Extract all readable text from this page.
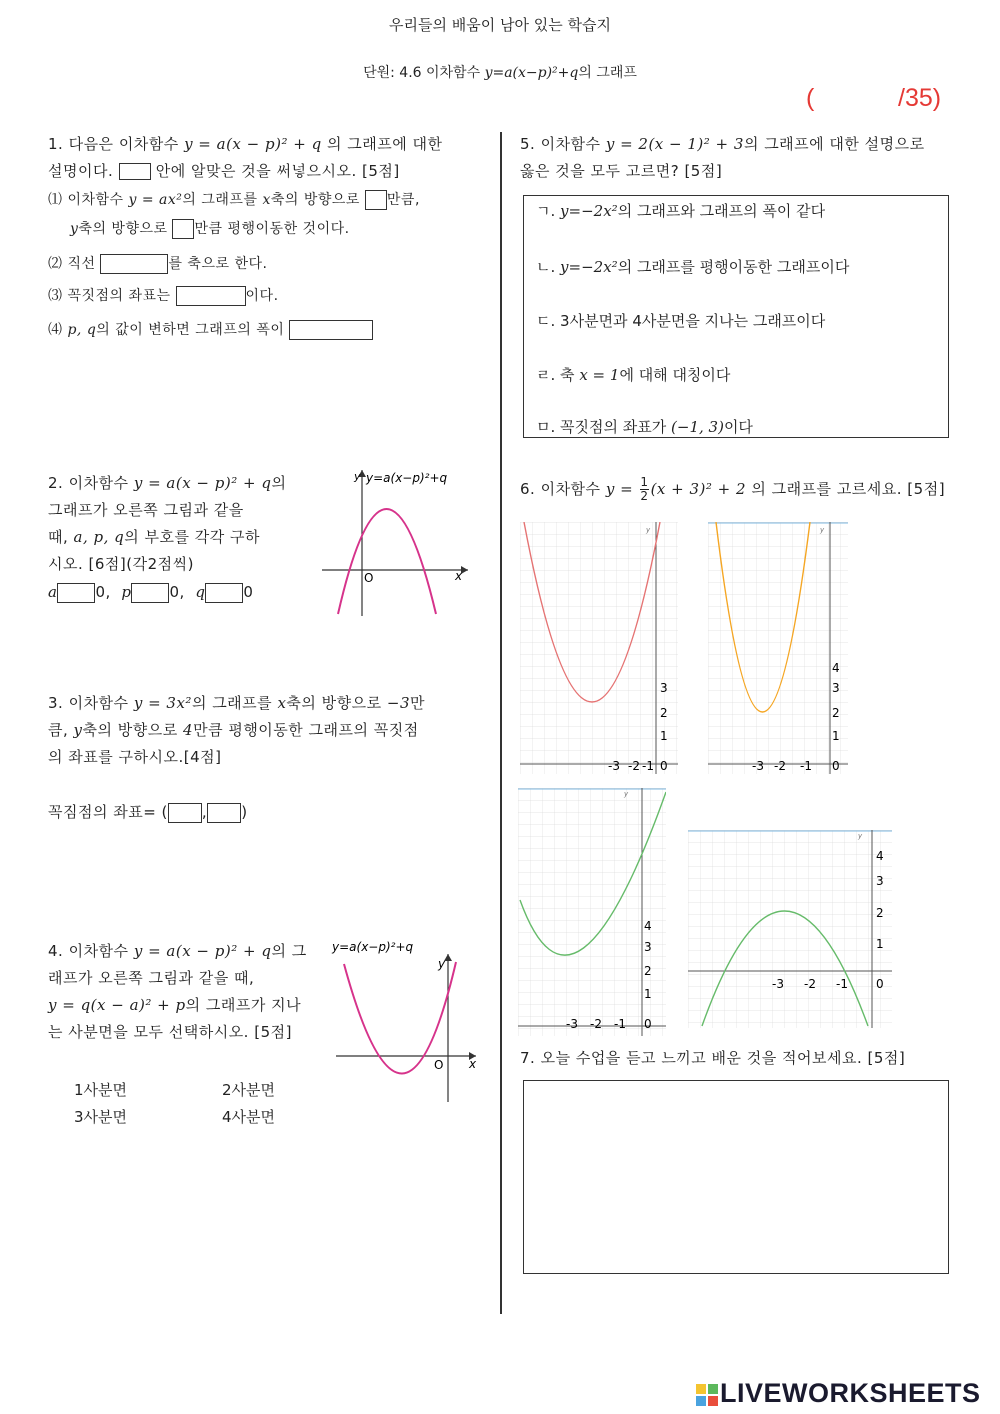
우리들의 배움이 남아 있는 학습지
단원: 4.6 이차함수 y=a(x−p)²+q의 그래프
(	/35)
1. 다음은 이차함수 y = a(x − p)² + q 의 그래프에 대한
설명이다.	안에 알맞은 것을 써넣으시오. [5점]
⑴ 이차함수 y = ax²의 그래프를 x축의 방향으로 만큼,
y축의 방향으로 만큼 평행이동한 것이다.
⑵ 직선	를 축으로 한다.
⑶ 꼭짓점의 좌표는	이다.
⑷ p, q의 값이 변하면 그래프의 폭이
2. 이차함수 y = a(x − p)² + q의
그래프가 오른쪽 그림과 같을
때, a, p, q의 부호를 각각 구하
시오. [6점](각2점씩)
a	0, p	0, q	0
y y=a(x−p)²+q
x
O
3. 이차함수 y = 3x²의 그래프를 x축의 방향으로 −3만
큼, y축의 방향으로 4만큼 평행이동한 그래프의 꼭짓점
의 좌표를 구하시오.[4점]
꼭짐점의 좌표= ( , )
4. 이차함수 y = a(x − p)² + q의 그
래프가 오른쪽 그림과 같을 때,
y = q(x − a)² + p의 그래프가 지나
는 사분면을 모두 선택하시오. [5점]
1사분면	2사분면
3사분면	4사분면
y=a(x−p)²+q
y
x
O
5. 이차함수 y = 2(x − 1)² + 3의 그래프에 대한 설명으로
옳은 것을 모두 고르면? [5점]
ㄱ. y=−2x²의 그래프와 그래프의 폭이 같다
ㄴ. y=−2x²의 그래프를 평행이동한 그래프이다
ㄷ. 3사분면과 4사분면을 지나는 그래프이다
ㄹ. 축 x = 1에 대해 대칭이다
ㅁ. 꼭짓점의 좌표가 (−1, 3)이다
6. 이차함수 $y = \frac{1}{2} (x + 3)^2 + 2$ 의 그래프를 고르세요. [5점]
y
-3 -2 -1 0
3
2
1
y
-3 -2 -1 0
4
3
2
1
y
-3 -2 -1 0
4
3
2
1
y
-3 -2 -1 0
4
3
2
1
7. 오늘 수업을 듣고 느끼고 배운 것을 적어보세요. [5점]
LIVEWORKSHEETS
